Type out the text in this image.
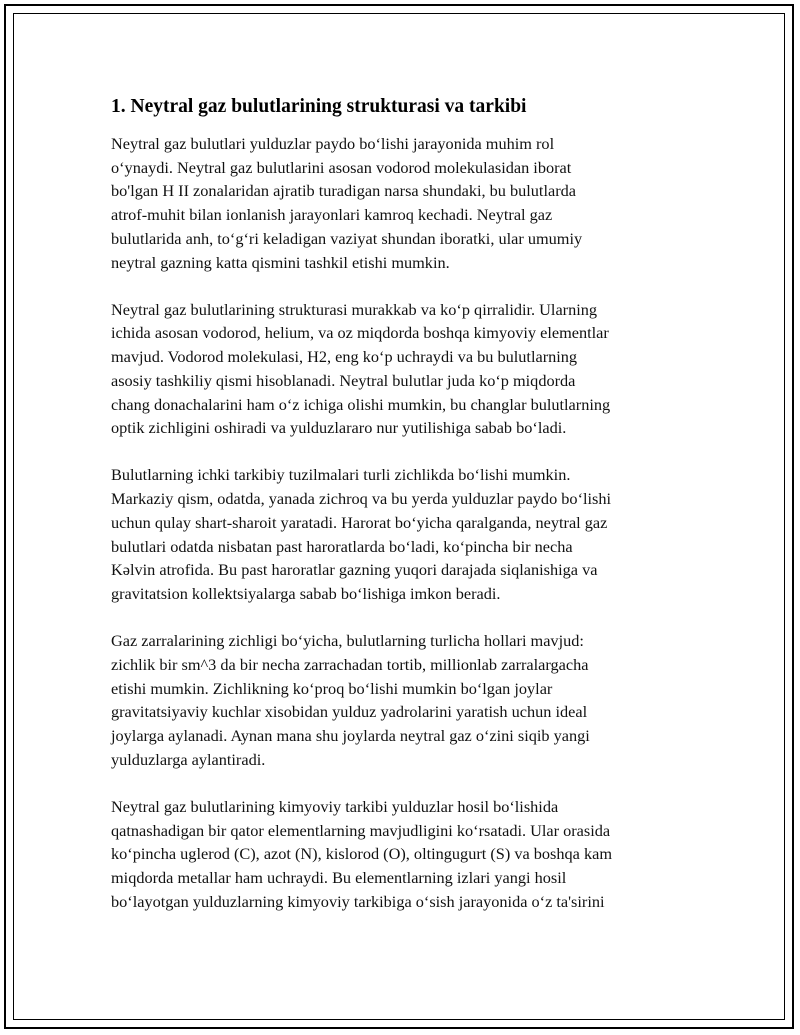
1. Neytral gaz bulutlarining strukturasi va tarkibi

Neytral gaz bulutlari yulduzlar paydo bo‘lishi jarayonida muhim rol
o‘ynaydi. Neytral gaz bulutlarini asosan vodorod molekulasidan iborat
bo'lgan H II zonalaridan ajratib turadigan narsa shundaki, bu bulutlarda
atrof-muhit bilan ionlanish jarayonlari kamroq kechadi. Neytral gaz
bulutlarida anh, to‘g‘ri keladigan vaziyat shundan iboratki, ular umumiy
neytral gazning katta qismini tashkil etishi mumkin.

Neytral gaz bulutlarining strukturasi murakkab va ko‘p qirralidir. Ularning
ichida asosan vodorod, helium, va oz miqdorda boshqa kimyoviy elementlar
mavjud. Vodorod molekulasi, H2, eng ko‘p uchraydi va bu bulutlarning
asosiy tashkiliy qismi hisoblanadi. Neytral bulutlar juda ko‘p miqdorda
chang donachalarini ham o‘z ichiga olishi mumkin, bu changlar bulutlarning
optik zichligini oshiradi va yulduzlararo nur yutilishiga sabab bo‘ladi.

Bulutlarning ichki tarkibiy tuzilmalari turli zichlikda bo‘lishi mumkin.
Markaziy qism, odatda, yanada zichroq va bu yerda yulduzlar paydo bo‘lishi
uchun qulay shart-sharoit yaratadi. Harorat bo‘yicha qaralganda, neytral gaz
bulutlari odatda nisbatan past haroratlarda bo‘ladi, ko‘pincha bir necha
Kəlvin atrofida. Bu past haroratlar gazning yuqori darajada siqlanishiga va
gravitatsion kollektsiyalarga sabab bo‘lishiga imkon beradi.

Gaz zarralarining zichligi bo‘yicha, bulutlarning turlicha hollari mavjud:
zichlik bir sm^3 da bir necha zarrachadan tortib, millionlab zarralargacha
etishi mumkin. Zichlikning ko‘proq bo‘lishi mumkin bo‘lgan joylar
gravitatsiyaviy kuchlar xisobidan yulduz yadrolarini yaratish uchun ideal
joylarga aylanadi. Aynan mana shu joylarda neytral gaz o‘zini siqib yangi
yulduzlarga aylantiradi.

Neytral gaz bulutlarining kimyoviy tarkibi yulduzlar hosil bo‘lishida
qatnashadigan bir qator elementlarning mavjudligini ko‘rsatadi. Ular orasida
ko‘pincha uglerod (C), azot (N), kislorod (O), oltingugurt (S) va boshqa kam
miqdorda metallar ham uchraydi. Bu elementlarning izlari yangi hosil
bo‘layotgan yulduzlarning kimyoviy tarkibiga o‘sish jarayonida o‘z ta'sirini
